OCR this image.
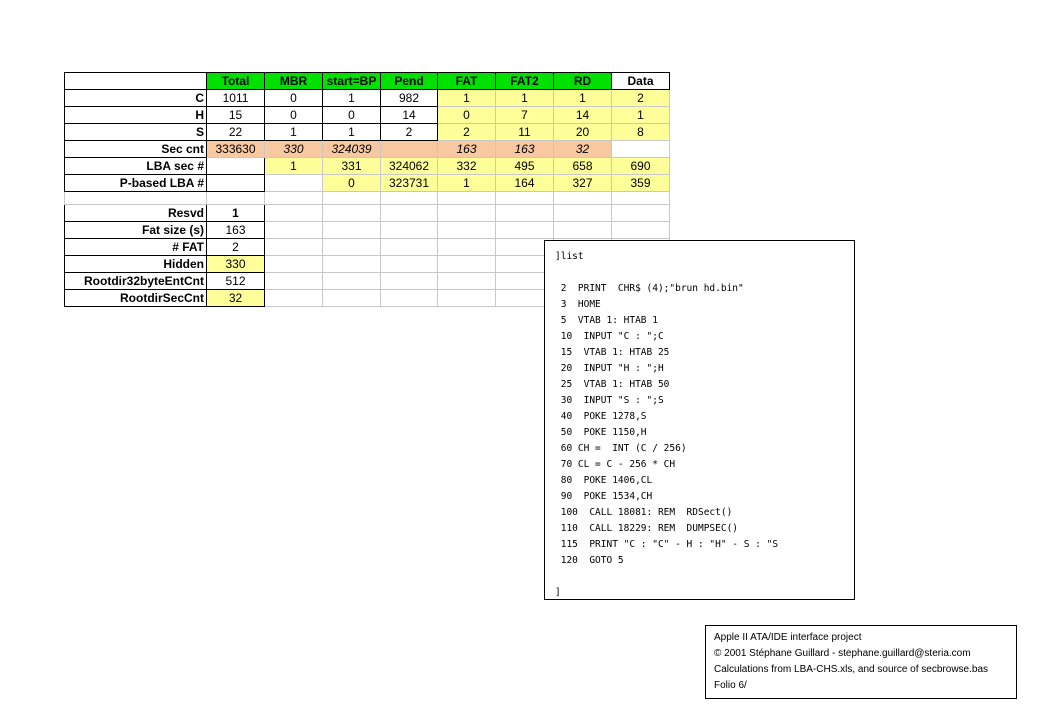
	Total	MBR	start=BP	Pend	FAT	FAT2	RD	Data
C	1011	0	1	982	1	1	1	2
H	15	0	0	14	0	7	14	1
S	22	1	1	2	2	11	20	8
Sec cnt	333630	330	324039		163	163	32	
LBA sec #		1	331	324062	332	495	658	690
P-based LBA #			0	323731	1	164	327	359

Resvd	1							
Fat size (s)	163							
# FAT	2							
Hidden	330							
Rootdir32byteEntCnt	512							
RootdirSecCnt	32							
]list
2  PRINT  CHR$ (4);"brun hd.bin"
3  HOME
5  VTAB 1: HTAB 1
10  INPUT "C : ";C
15  VTAB 1: HTAB 25
20  INPUT "H : ";H
25  VTAB 1: HTAB 50
30  INPUT "S : ";S
40  POKE 1278,S
50  POKE 1150,H
60 CH =  INT (C / 256)
70 CL = C - 256 * CH
80  POKE 1406,CL
90  POKE 1534,CH
100  CALL 18081: REM  RDSect()
110  CALL 18229: REM  DUMPSEC()
115  PRINT "C : "C" - H : "H" - S : "S
120  GOTO 5
]
Apple II ATA/IDE interface project
© 2001 Stéphane Guillard - stephane.guillard@steria.com
Calculations from LBA-CHS.xls, and source of secbrowse.bas
Folio 6/
